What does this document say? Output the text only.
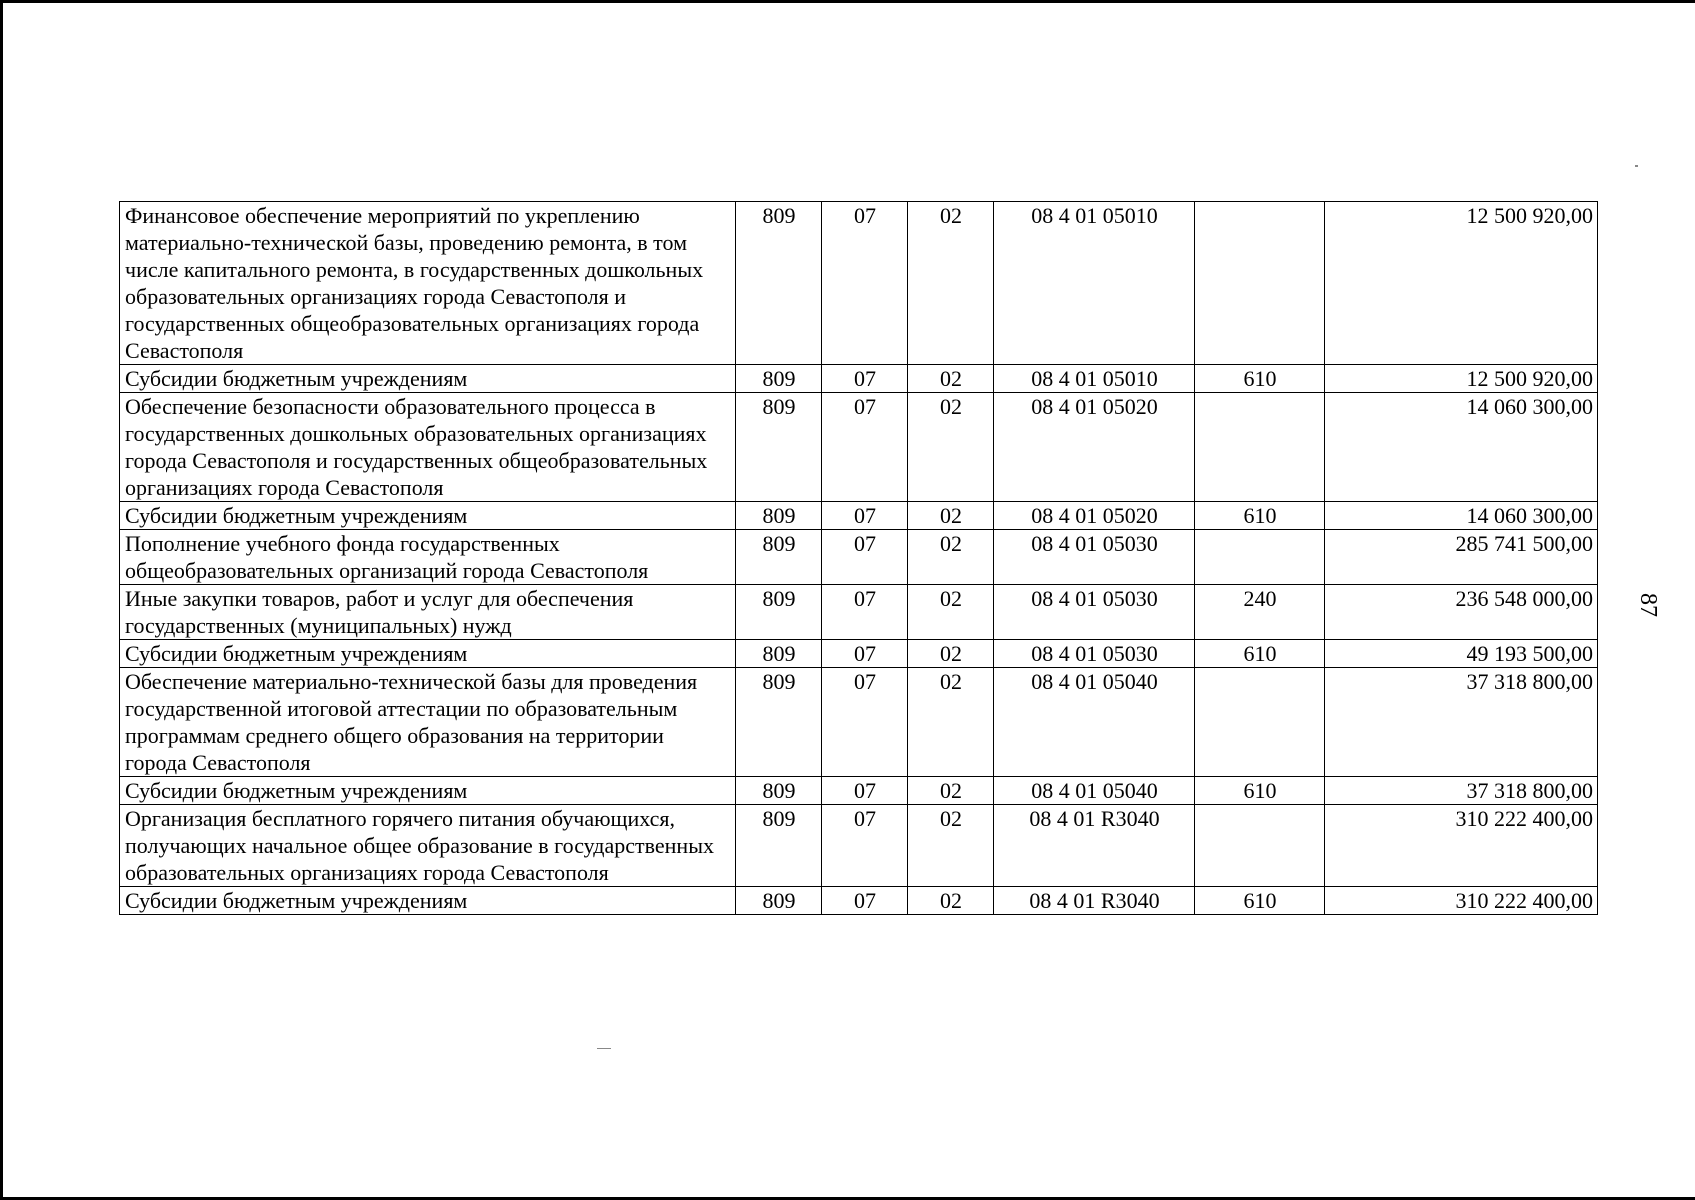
87
Финансовое обеспечение мероприятий по укреплению материально-технической базы, проведению ремонта, в том числе капитального ремонта, в государственных дошкольных образовательных организациях города Севастополя и государственных общеобразовательных организациях города Севастополя	809	07	02	08 4 01 05010		12 500 920,00
Субсидии бюджетным учреждениям	809	07	02	08 4 01 05010	610	12 500 920,00
Обеспечение безопасности образовательного процесса в государственных дошкольных образовательных организациях города Севастополя и государственных общеобразовательных организациях города Севастополя	809	07	02	08 4 01 05020		14 060 300,00
Субсидии бюджетным учреждениям	809	07	02	08 4 01 05020	610	14 060 300,00
Пополнение учебного фонда государственных общеобразовательных организаций города Севастополя	809	07	02	08 4 01 05030		285 741 500,00
Иные закупки товаров, работ и услуг для обеспечения государственных (муниципальных) нужд	809	07	02	08 4 01 05030	240	236 548 000,00
Субсидии бюджетным учреждениям	809	07	02	08 4 01 05030	610	49 193 500,00
Обеспечение материально-технической базы для проведения государственной итоговой аттестации по образовательным программам среднего общего образования на территории города Севастополя	809	07	02	08 4 01 05040		37 318 800,00
Субсидии бюджетным учреждениям	809	07	02	08 4 01 05040	610	37 318 800,00
Организация бесплатного горячего питания обучающихся, получающих начальное общее образование в государственных образовательных организациях города Севастополя	809	07	02	08 4 01 R3040		310 222 400,00
Субсидии бюджетным учреждениям	809	07	02	08 4 01 R3040	610	310 222 400,00
